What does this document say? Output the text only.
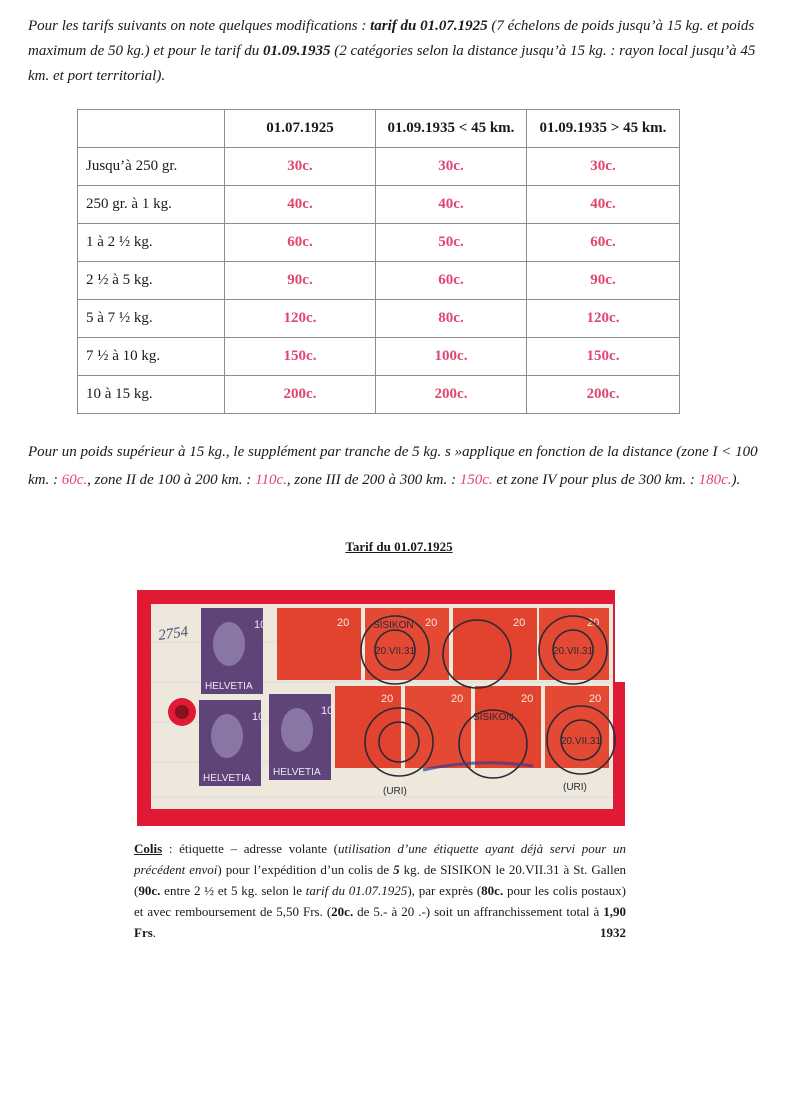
Pour les tarifs suivants on note quelques modifications : tarif du 01.07.1925 (7 échelons de poids jusqu’à 15 kg. et poids maximum de 50 kg.) et pour le tarif du 01.09.1935 (2 catégories selon la distance jusqu’à 15 kg. : rayon local jusqu’à 45 km. et port territorial).
	01.07.1925	01.09.1935 < 45 km.	01.09.1935 > 45 km.
Jusqu’à 250 gr.	30c.	30c.	30c.
250 gr. à 1 kg.	40c.	40c.	40c.
1 à 2 ½ kg.	60c.	50c.	60c.
2 ½ à 5 kg.	90c.	60c.	90c.
5 à 7 ½ kg.	120c.	80c.	120c.
7 ½ à 10 kg.	150c.	100c.	150c.
10 à 15 kg.	200c.	200c.	200c.
Pour un poids supérieur à 15 kg., le supplément par tranche de 5 kg. s »applique en fonction de la distance (zone I < 100 km. : 60c., zone II de 100 à 200 km. : 110c., zone III de 200 à 300 km. : 150c. et zone IV pour plus de 300 km. : 180c.).
Tarif du 01.07.1925
2754	10
HELVETIA
10
HELVETIA
10
HELVETIA
20	20	20	20
20	20	20	20
20.VII.31	20.VII.31
20.VII.31
SISIKON
SISIKON
(URI)	(URI)
Colis : étiquette – adresse volante (utilisation d’une étiquette ayant déjà servi pour un précédent envoi) pour l’expédition d’un colis de 5 kg. de SISIKON le 20.VII.31 à St. Gallen (90c. entre 2 ½ et 5 kg. selon le tarif du 01.07.1925), par exprès (80c. pour les colis postaux) et avec remboursement de 5,50 Frs. (20c. de 5.- à 20 .-) soit un affranchissement total à 1,90 Frs.	1932
